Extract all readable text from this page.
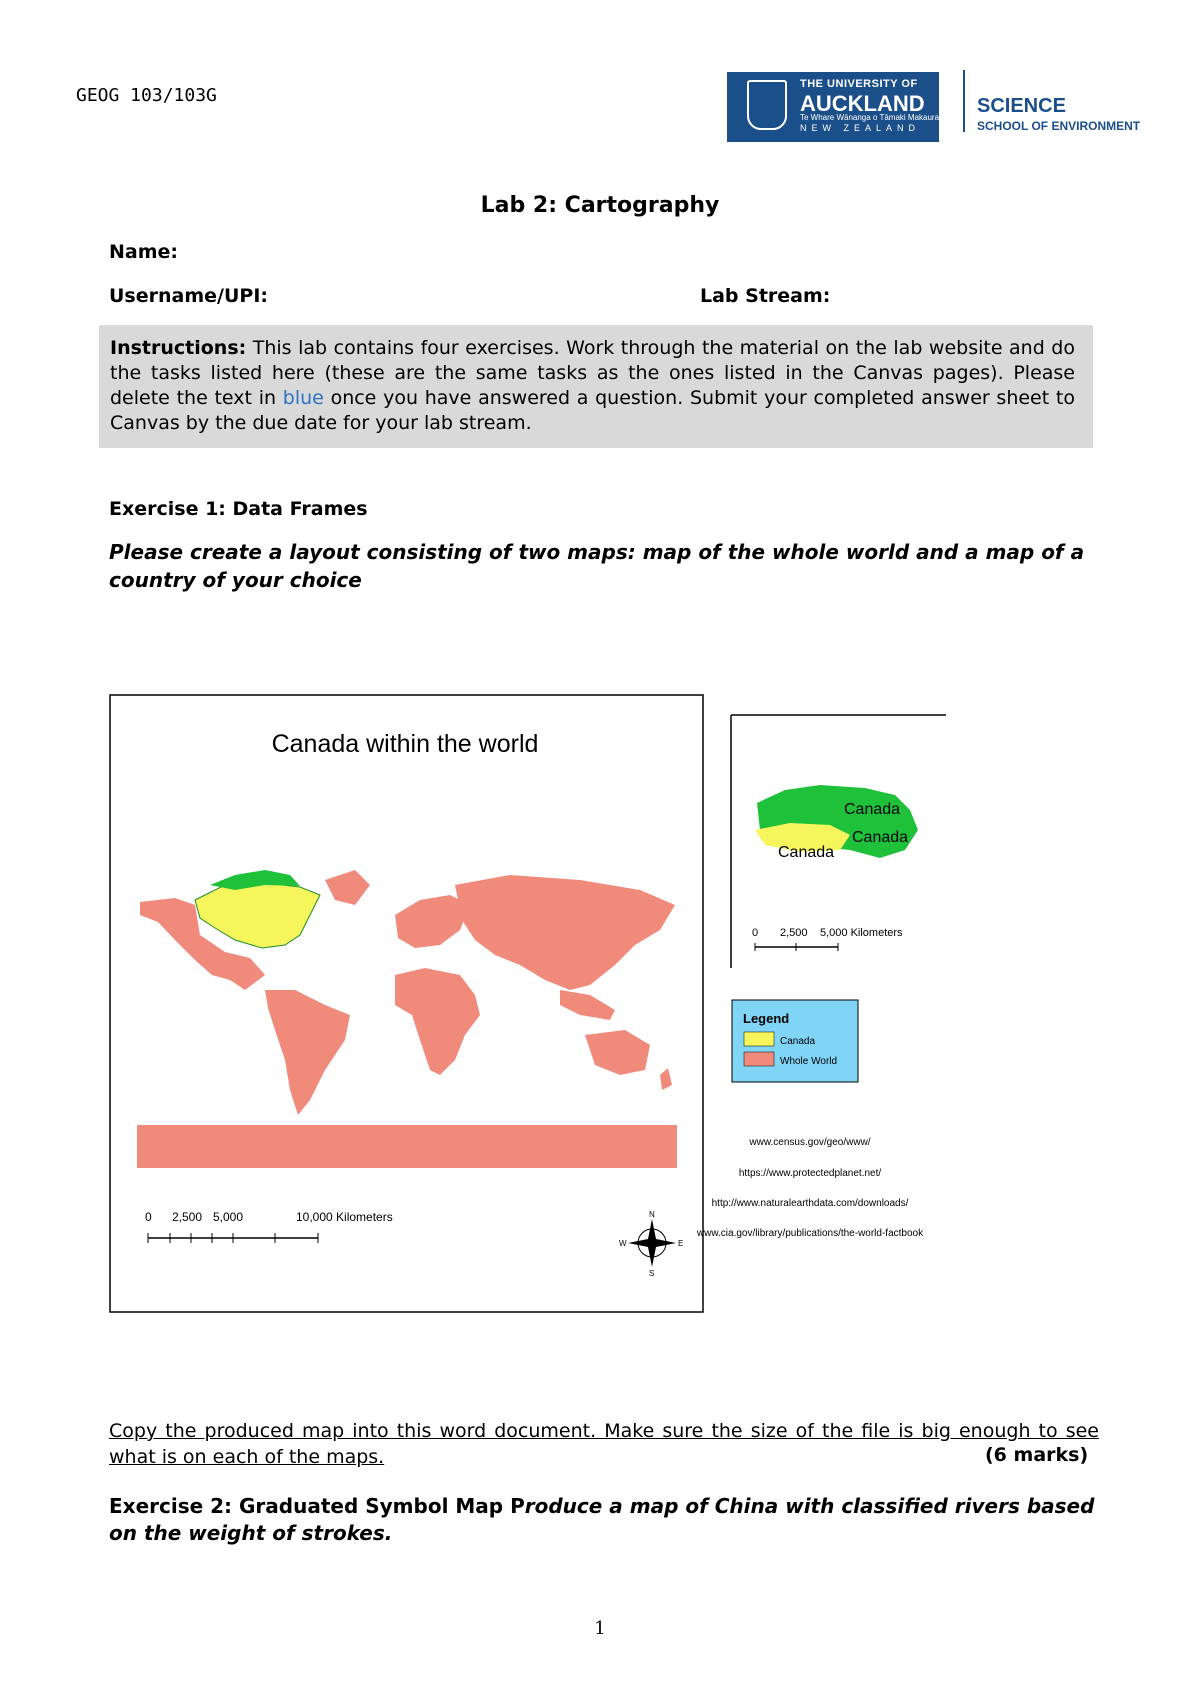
GEOG 103/103G
THE UNIVERSITY OF
AUCKLAND
Te Whare Wānanga o Tāmaki Makaurau
NEW ZEALAND
SCIENCE
SCHOOL OF ENVIRONMENT
Lab 2: Cartography
Name:
Username/UPI:	Lab Stream:
Instructions: This lab contains four exercises. Work through the material on the lab website and do the tasks listed here (these are the same tasks as the ones listed in the Canvas pages). Please delete the text in blue once you have answered a question. Submit your completed answer sheet to Canvas by the due date for your lab stream.
Exercise 1: Data Frames
Please create a layout consisting of two maps: map of the whole world and a map of a country of your choice
Canada within the world
0 2,500 5,000	10,000 Kilometers	N
S
E
W
Canada
Canada
Canada
0 2,500 5,000 Kilometers
Legend
Canada
Whole World
www.census.gov/geo/www/
https://www.protectedplanet.net/
http://www.naturalearthdata.com/downloads/
www.cia.gov/library/publications/the-world-factbook
Copy the produced map into this word document. Make sure the size of the file is big enough to see what is on each of the maps.	(6 marks)
Exercise 2: Graduated Symbol Map Produce a map of China with classified rivers based on the weight of strokes.
1
